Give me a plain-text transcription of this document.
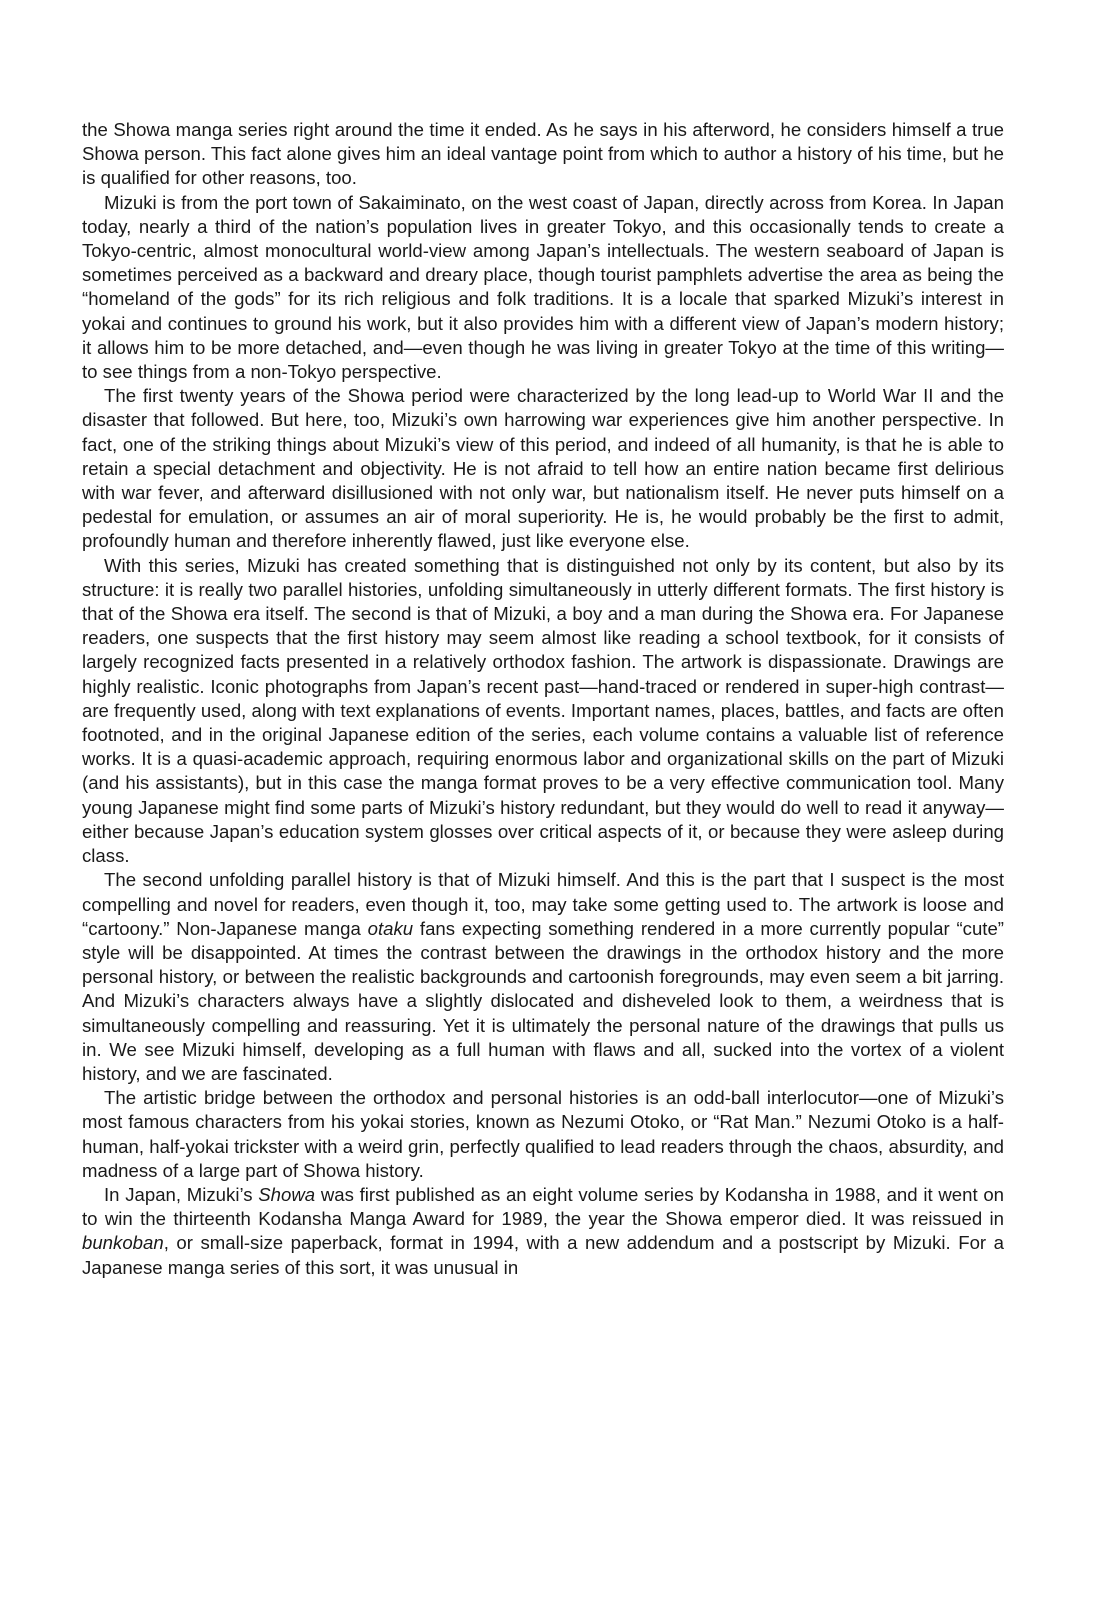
the Showa manga series right around the time it ended. As he says in his afterword, he considers himself a true Showa person. This fact alone gives him an ideal vantage point from which to author a history of his time, but he is qualified for other reasons, too.

Mizuki is from the port town of Sakaiminato, on the west coast of Japan, directly across from Korea. In Japan today, nearly a third of the nation’s population lives in greater Tokyo, and this occasionally tends to create a Tokyo-centric, almost monocultural world-view among Japan’s intellectuals. The western seaboard of Japan is sometimes perceived as a backward and dreary place, though tourist pamphlets advertise the area as being the “homeland of the gods” for its rich religious and folk traditions. It is a locale that sparked Mizuki’s interest in yokai and continues to ground his work, but it also provides him with a different view of Japan’s modern history; it allows him to be more detached, and—even though he was living in greater Tokyo at the time of this writing—to see things from a non-Tokyo perspective.

The first twenty years of the Showa period were characterized by the long lead-up to World War II and the disaster that followed. But here, too, Mizuki’s own harrowing war experiences give him another perspective. In fact, one of the striking things about Mizuki’s view of this period, and indeed of all humanity, is that he is able to retain a special detachment and objectivity. He is not afraid to tell how an entire nation became first delirious with war fever, and afterward disillusioned with not only war, but nationalism itself. He never puts himself on a pedestal for emulation, or assumes an air of moral superiority. He is, he would probably be the first to admit, profoundly human and therefore inherently flawed, just like everyone else.

With this series, Mizuki has created something that is distinguished not only by its content, but also by its structure: it is really two parallel histories, unfolding simultaneously in utterly different formats. The first history is that of the Showa era itself. The second is that of Mizuki, a boy and a man during the Showa era. For Japanese readers, one suspects that the first history may seem almost like reading a school textbook, for it consists of largely recognized facts presented in a relatively orthodox fashion. The artwork is dispassionate. Drawings are highly realistic. Iconic photographs from Japan’s recent past—hand-traced or rendered in super-high contrast—are frequently used, along with text explanations of events. Important names, places, battles, and facts are often footnoted, and in the original Japanese edition of the series, each volume contains a valuable list of reference works. It is a quasi-academic approach, requiring enormous labor and organizational skills on the part of Mizuki (and his assistants), but in this case the manga format proves to be a very effective communication tool. Many young Japanese might find some parts of Mizuki’s history redundant, but they would do well to read it anyway—either because Japan’s education system glosses over critical aspects of it, or because they were asleep during class.

The second unfolding parallel history is that of Mizuki himself. And this is the part that I suspect is the most compelling and novel for readers, even though it, too, may take some getting used to. The artwork is loose and “cartoony.” Non-Japanese manga otaku fans expecting something rendered in a more currently popular “cute” style will be disappointed. At times the contrast between the drawings in the orthodox history and the more personal history, or between the realistic backgrounds and cartoonish foregrounds, may even seem a bit jarring. And Mizuki’s characters always have a slightly dislocated and disheveled look to them, a weirdness that is simultaneously compelling and reassuring. Yet it is ultimately the personal nature of the drawings that pulls us in. We see Mizuki himself, developing as a full human with flaws and all, sucked into the vortex of a violent history, and we are fascinated.

The artistic bridge between the orthodox and personal histories is an odd-ball interlocutor—one of Mizuki’s most famous characters from his yokai stories, known as Nezumi Otoko, or “Rat Man.” Nezumi Otoko is a half-human, half-yokai trickster with a weird grin, perfectly qualified to lead readers through the chaos, absurdity, and madness of a large part of Showa history.

In Japan, Mizuki’s Showa was first published as an eight volume series by Kodansha in 1988, and it went on to win the thirteenth Kodansha Manga Award for 1989, the year the Showa emperor died. It was reissued in bunkoban, or small-size paperback, format in 1994, with a new addendum and a postscript by Mizuki. For a Japanese manga series of this sort, it was unusual in
